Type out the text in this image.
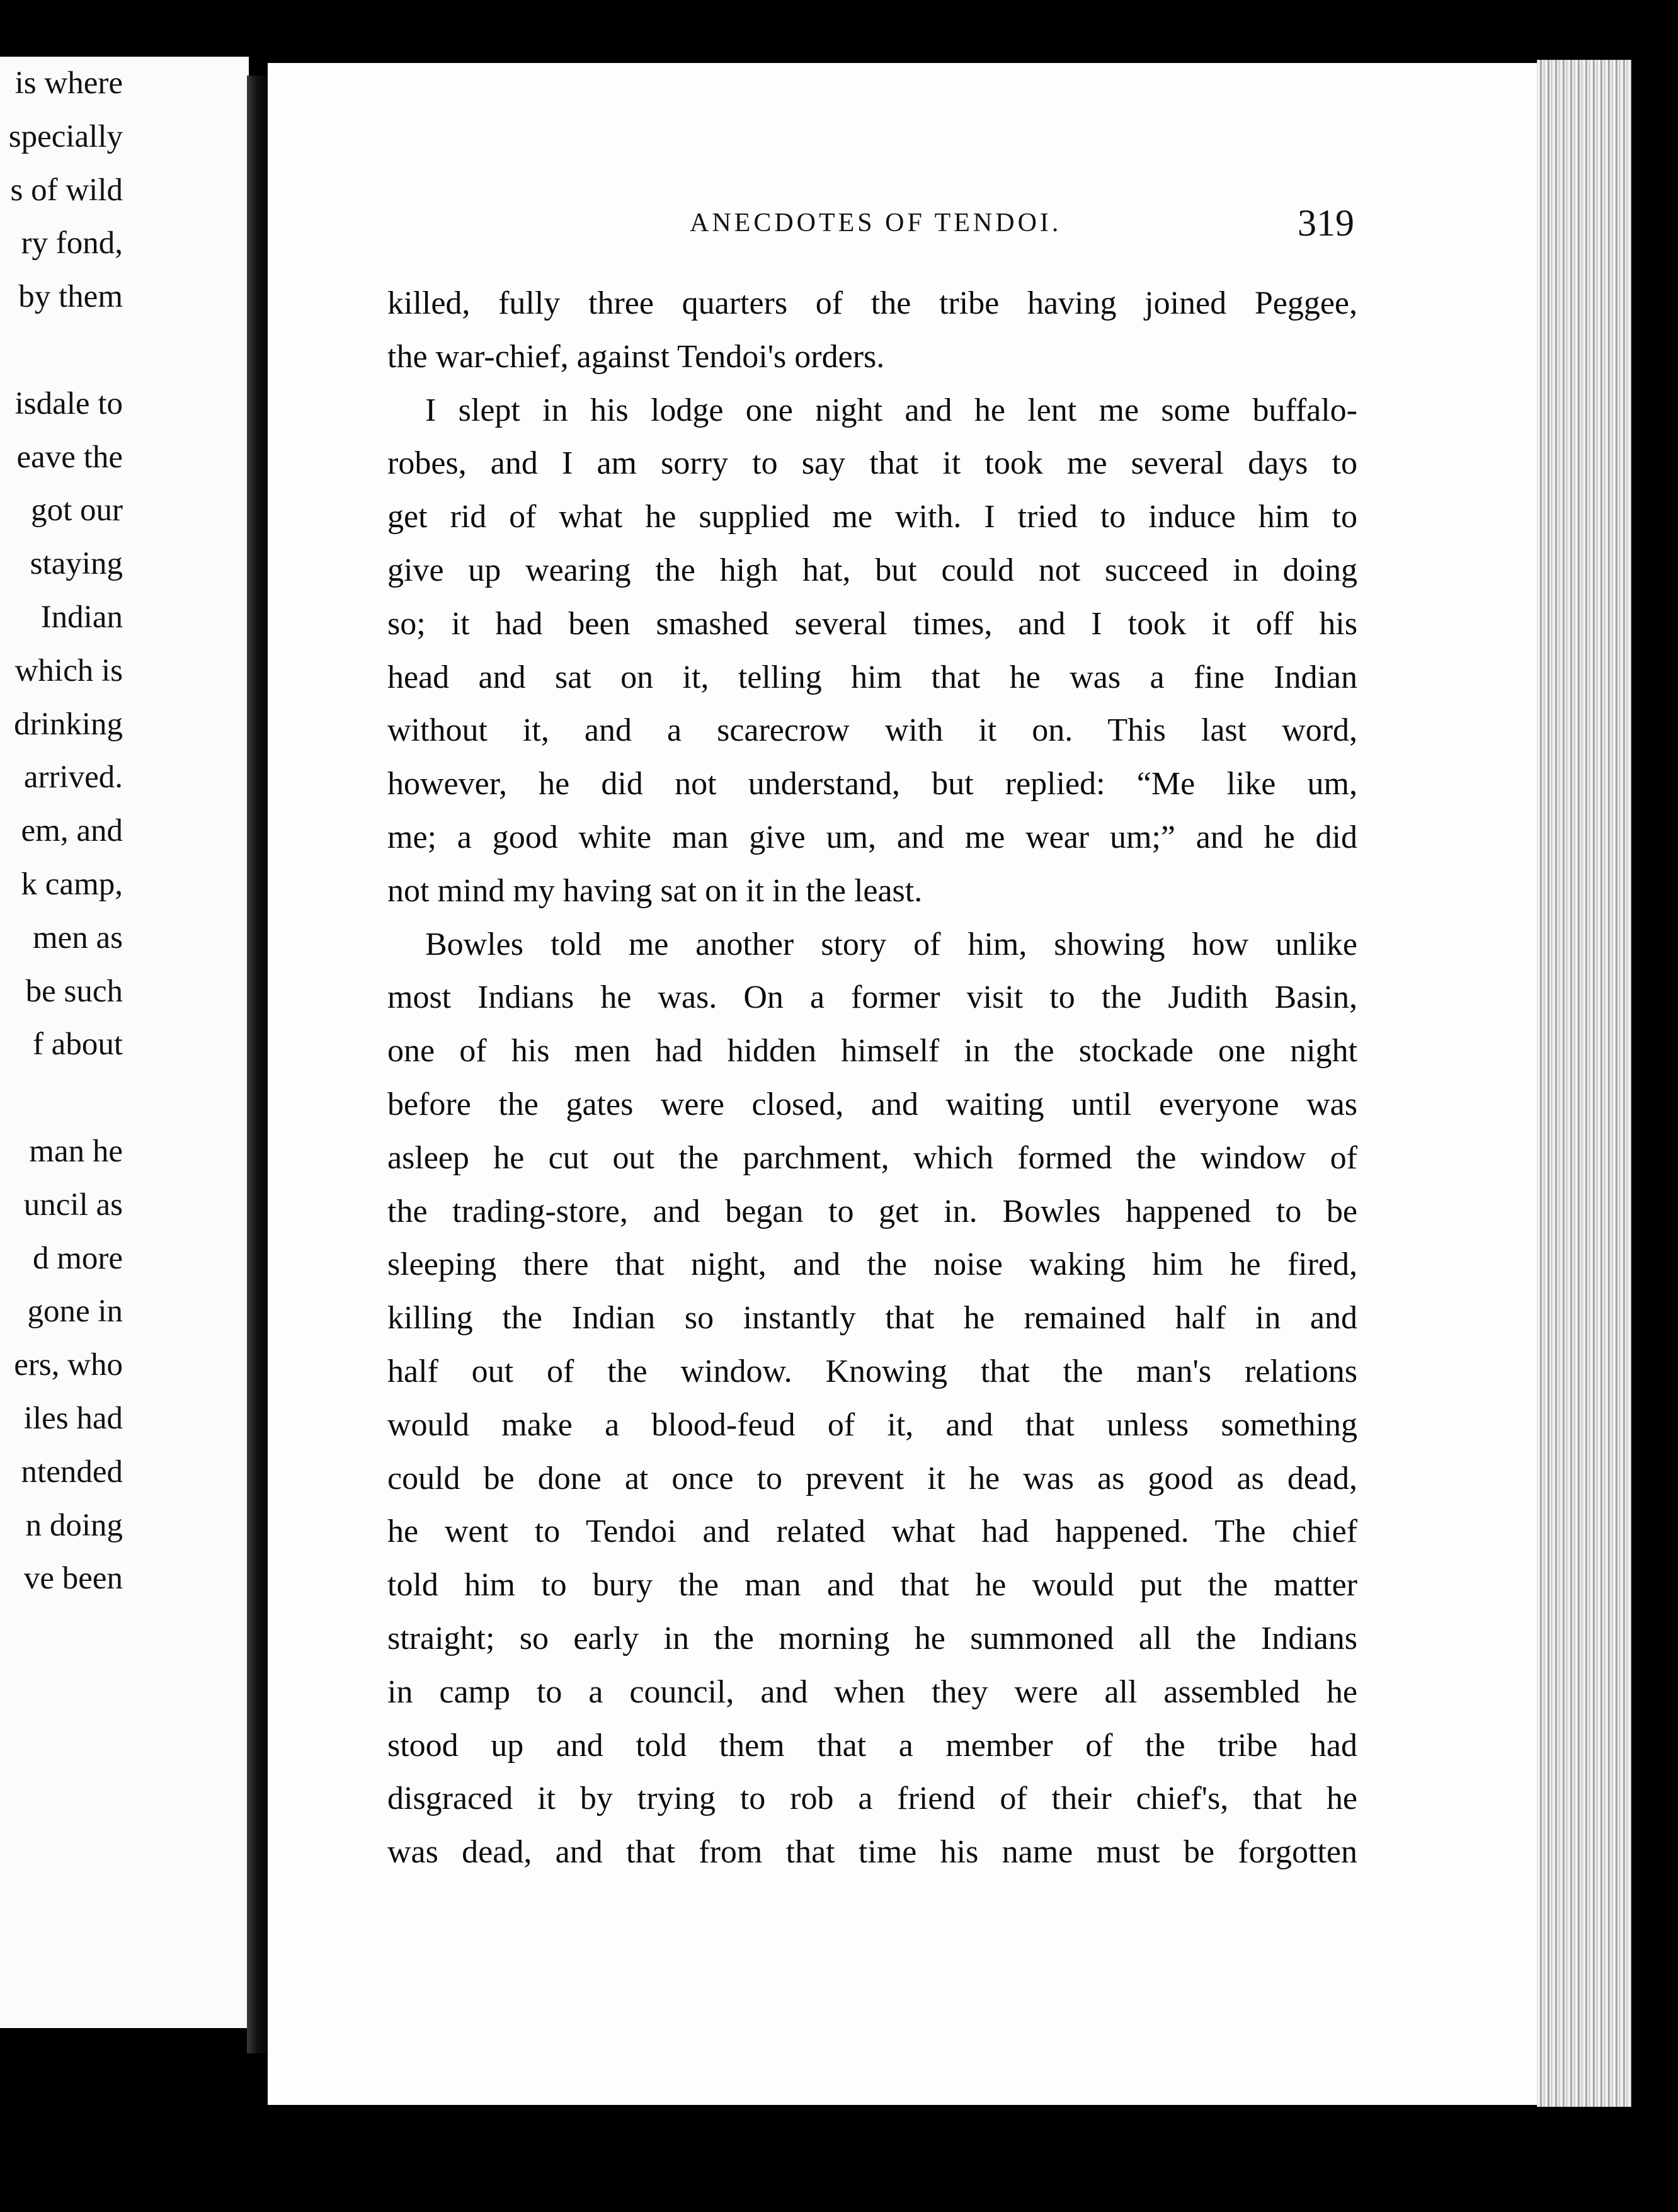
is where
specially
s of wild
ry fond,
by them
isdale to
eave the
got our
staying
Indian
which is
drinking
arrived.
em, and
k camp,
men as
be such
f about
man he
uncil as
d more
gone in
ers, who
iles had
ntended
n doing
ve been
ANECDOTES OF TENDOI.	319
killed, fully three quarters of the tribe having joined Peggee,
the war-chief, against Tendoi's orders.
I slept in his lodge one night and he lent me some buffalo-
robes, and I am sorry to say that it took me several days to
get rid of what he supplied me with. I tried to induce him to
give up wearing the high hat, but could not succeed in doing
so; it had been smashed several times, and I took it off his
head and sat on it, telling him that he was a fine Indian
without it, and a scarecrow with it on. This last word,
however, he did not understand, but replied: “Me like um,
me; a good white man give um, and me wear um;” and he did
not mind my having sat on it in the least.
Bowles told me another story of him, showing how unlike
most Indians he was. On a former visit to the Judith Basin,
one of his men had hidden himself in the stockade one night
before the gates were closed, and waiting until everyone was
asleep he cut out the parchment, which formed the window of
the trading-store, and began to get in. Bowles happened to be
sleeping there that night, and the noise waking him he fired,
killing the Indian so instantly that he remained half in and
half out of the window. Knowing that the man's relations
would make a blood-feud of it, and that unless something
could be done at once to prevent it he was as good as dead,
he went to Tendoi and related what had happened. The chief
told him to bury the man and that he would put the matter
straight; so early in the morning he summoned all the Indians
in camp to a council, and when they were all assembled he
stood up and told them that a member of the tribe had
disgraced it by trying to rob a friend of their chief's, that he
was dead, and that from that time his name must be forgotten
